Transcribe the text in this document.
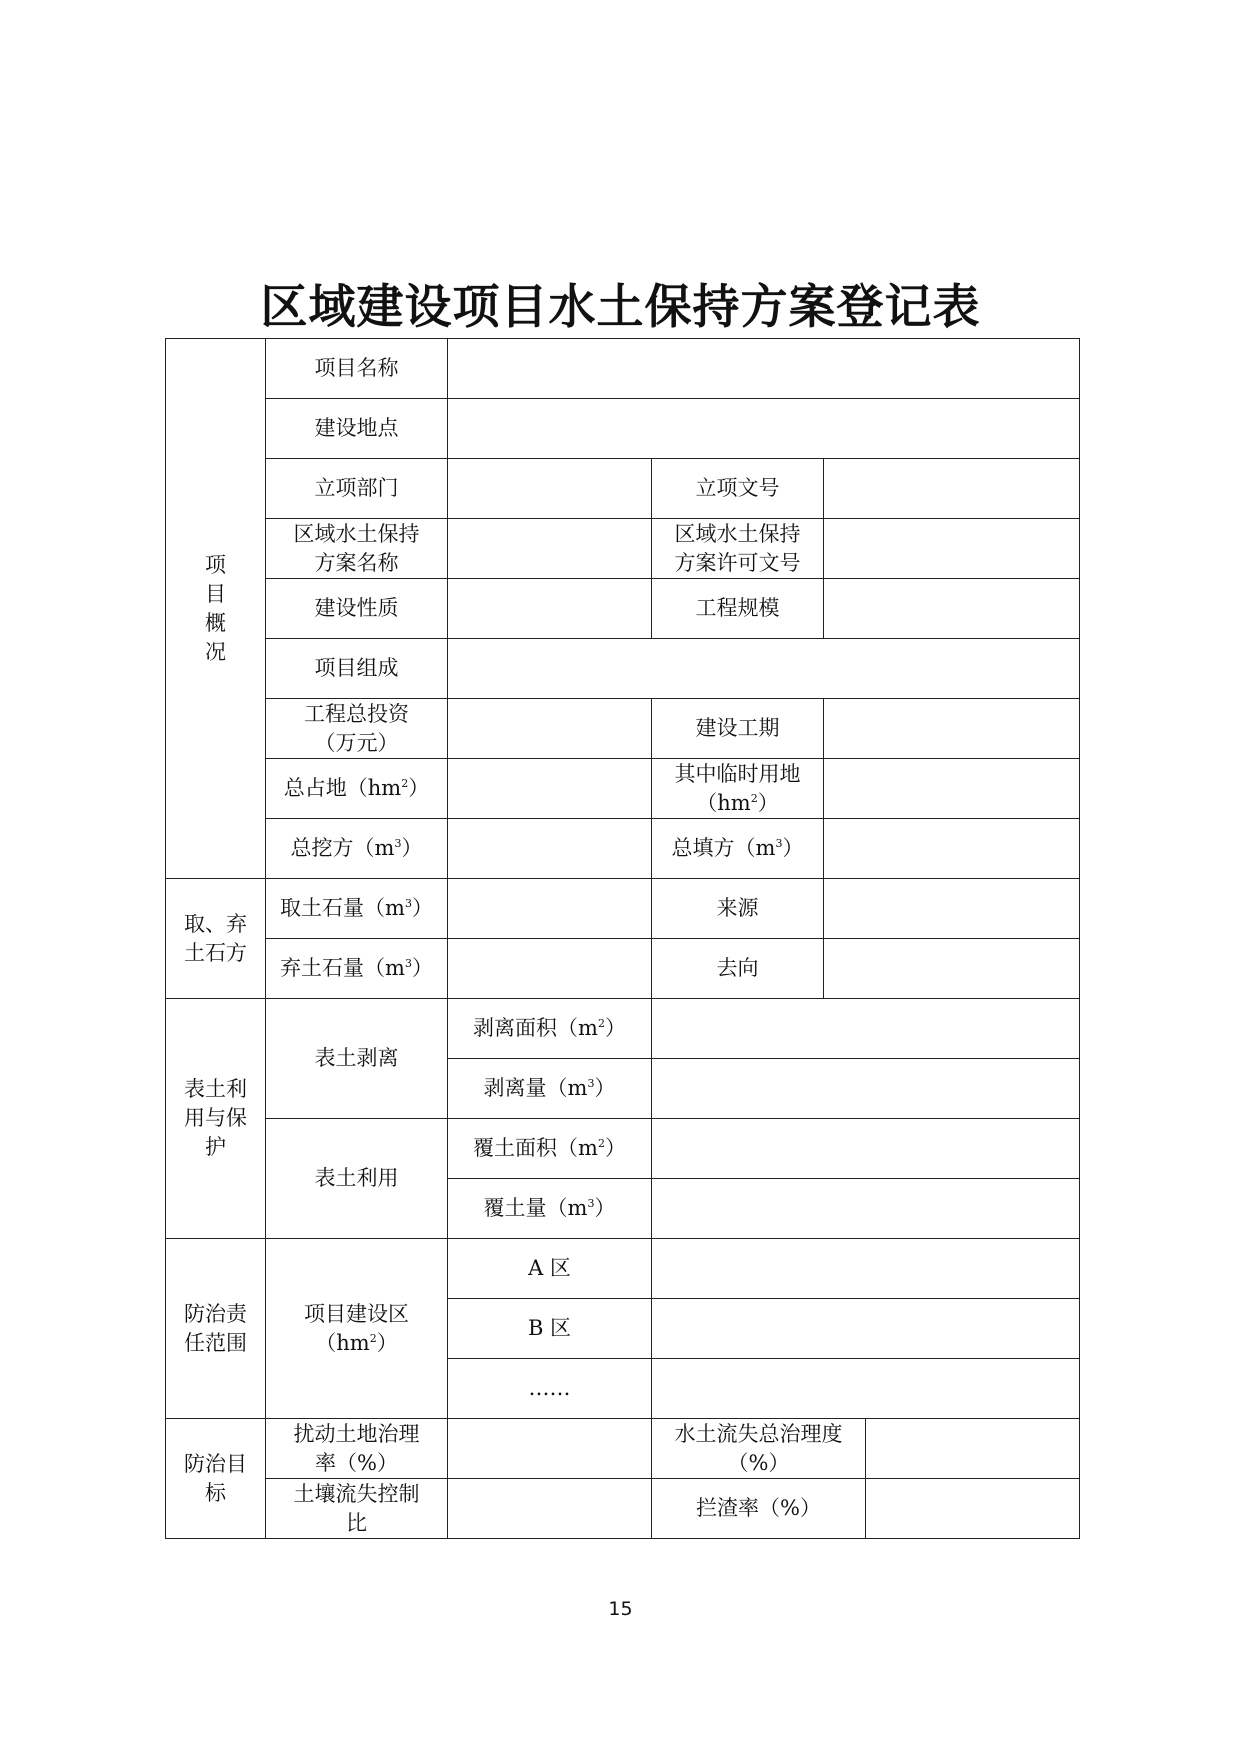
区域建设项目水土保持方案登记表
项
目
概
况	项目名称				
	建设地点				
	立项部门		立项文号		
	区域水土保持
方案名称		区域水土保持
方案许可文号		
	建设性质		工程规模		
	项目组成				
	工程总投资
（万元）		建设工期		
	总占地$(hm^2)$		其中临时用地
$(hm^2)$		
	总挖方$(m^3)$		总填方$(m^3)$		
取、弃
土石方	取土石量$(m^3)$		来源		
	弃土石量$(m^3)$		去向		
表土利
用与保
护	表土剥离	剥离面积$(m^2)$			
		剥离量$(m^3)$			
	表土利用	覆土面积$(m^2)$			
		覆土量$(m^3)$			
防治责
任范围	项目建设区
$(hm^2)$	A 区			
		B 区			
		……			
防治目
标	扰动土地治理
率（%）		水土流失总治理度
（%）		
	土壤流失控制
比		拦渣率（%）		
15
